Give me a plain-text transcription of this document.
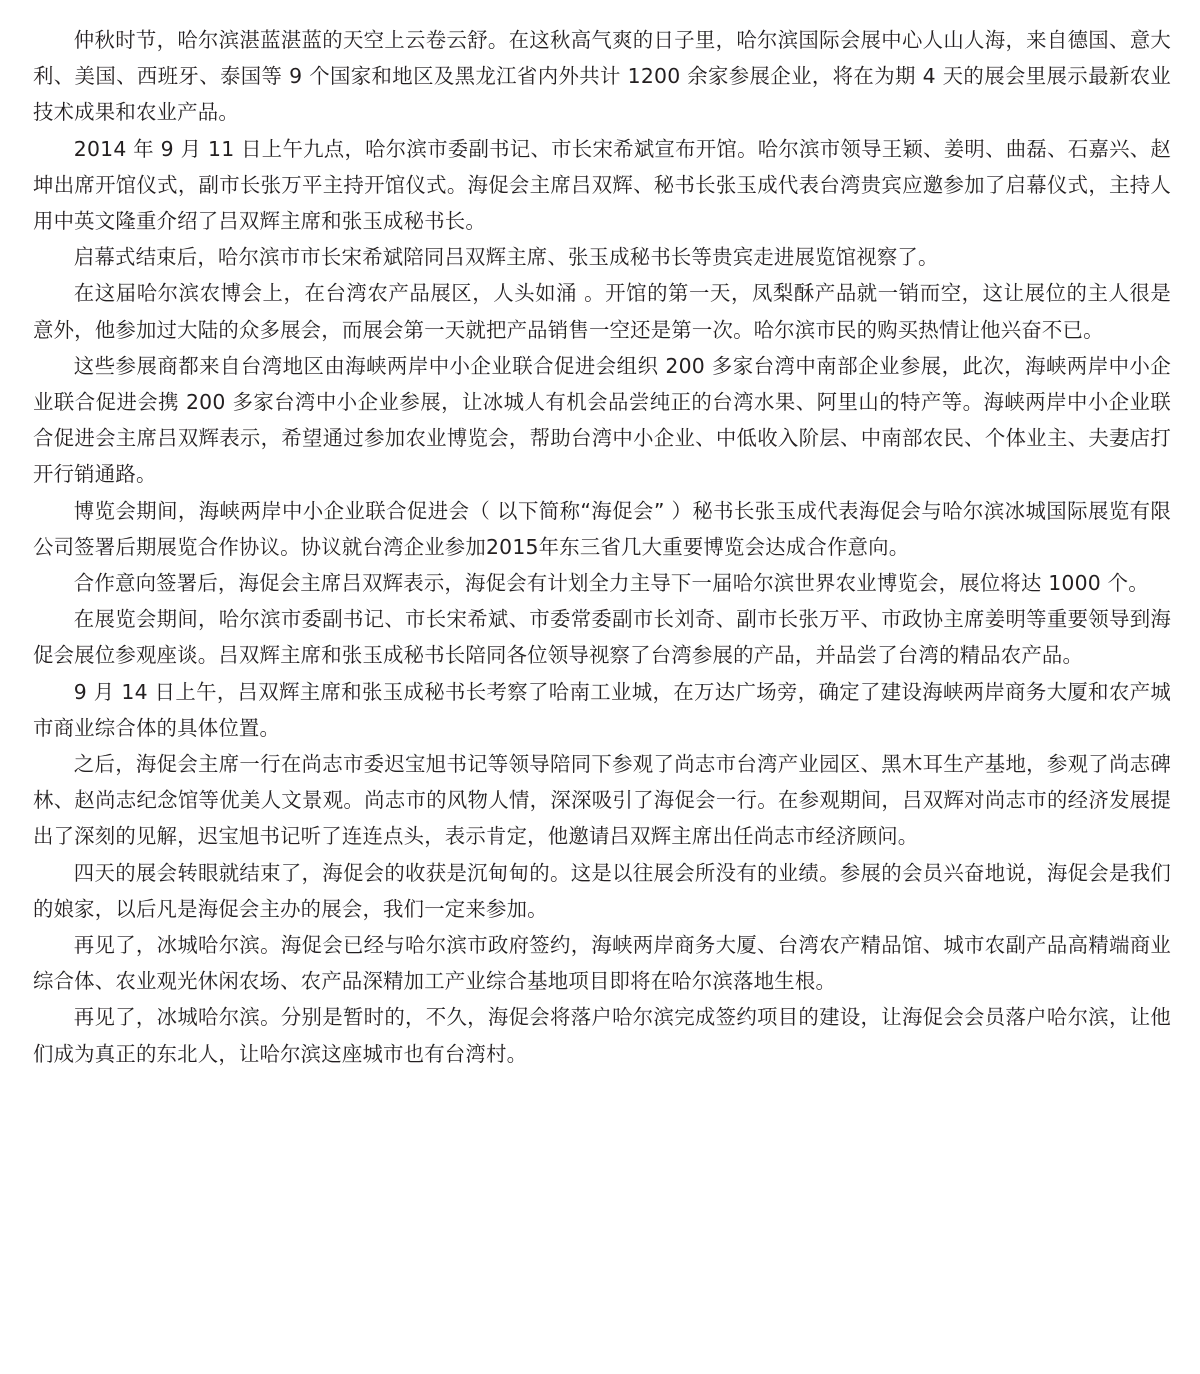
仲秋时节，哈尔滨湛蓝湛蓝的天空上云卷云舒。在这秋高气爽的日子里，哈尔滨国际会展中心人山人海，来自德国、意大利、美国、西班牙、泰国等 9 个国家和地区及黑龙江省内外共计 1200 余家参展企业，将在为期 4 天的展会里展示最新农业技术成果和农业产品。

2014 年 9 月 11 日上午九点，哈尔滨市委副书记、市长宋希斌宣布开馆。哈尔滨市领导王颖、姜明、曲磊、石嘉兴、赵坤出席开馆仪式，副市长张万平主持开馆仪式。海促会主席吕双辉、秘书长张玉成代表台湾贵宾应邀参加了启幕仪式，主持人用中英文隆重介绍了吕双辉主席和张玉成秘书长。

启幕式结束后，哈尔滨市市长宋希斌陪同吕双辉主席、张玉成秘书长等贵宾走进展览馆视察了。

在这届哈尔滨农博会上，在台湾农产品展区，人头如涌 。开馆的第一天，凤梨酥产品就一销而空，这让展位的主人很是意外，他参加过大陆的众多展会，而展会第一天就把产品销售一空还是第一次。哈尔滨市民的购买热情让他兴奋不已。

这些参展商都来自台湾地区由海峡两岸中小企业联合促进会组织 200 多家台湾中南部企业参展，此次，海峡两岸中小企业联合促进会携 200 多家台湾中小企业参展，让冰城人有机会品尝纯正的台湾水果、阿里山的特产等。海峡两岸中小企业联合促进会主席吕双辉表示，希望通过参加农业博览会，帮助台湾中小企业、中低收入阶层、中南部农民、个体业主、夫妻店打开行销通路。

博览会期间，海峡两岸中小企业联合促进会（ 以下简称“海促会” ）秘书长张玉成代表海促会与哈尔滨冰城国际展览有限公司签署后期展览合作协议。协议就台湾企业参加2015年东三省几大重要博览会达成合作意向。

合作意向签署后，海促会主席吕双辉表示，海促会有计划全力主导下一届哈尔滨世界农业博览会，展位将达 1000 个。

在展览会期间，哈尔滨市委副书记、市长宋希斌、市委常委副市长刘奇、副市长张万平、市政协主席姜明等重要领导到海促会展位参观座谈。吕双辉主席和张玉成秘书长陪同各位领导视察了台湾参展的产品，并品尝了台湾的精品农产品。

9 月 14 日上午，吕双辉主席和张玉成秘书长考察了哈南工业城，在万达广场旁，确定了建设海峡两岸商务大厦和农产城市商业综合体的具体位置。

之后，海促会主席一行在尚志市委迟宝旭书记等领导陪同下参观了尚志市台湾产业园区、黑木耳生产基地，参观了尚志碑林、赵尚志纪念馆等优美人文景观。尚志市的风物人情，深深吸引了海促会一行。在参观期间，吕双辉对尚志市的经济发展提出了深刻的见解，迟宝旭书记听了连连点头，表示肯定，他邀请吕双辉主席出任尚志市经济顾问。

四天的展会转眼就结束了，海促会的收获是沉甸甸的。这是以往展会所没有的业绩。参展的会员兴奋地说，海促会是我们的娘家，以后凡是海促会主办的展会，我们一定来参加。

再见了，冰城哈尔滨。海促会已经与哈尔滨市政府签约，海峡两岸商务大厦、台湾农产精品馆、城市农副产品高精端商业综合体、农业观光休闲农场、农产品深精加工产业综合基地项目即将在哈尔滨落地生根。

再见了，冰城哈尔滨。分别是暂时的，不久，海促会将落户哈尔滨完成签约项目的建设，让海促会会员落户哈尔滨，让他们成为真正的东北人，让哈尔滨这座城市也有台湾村。
